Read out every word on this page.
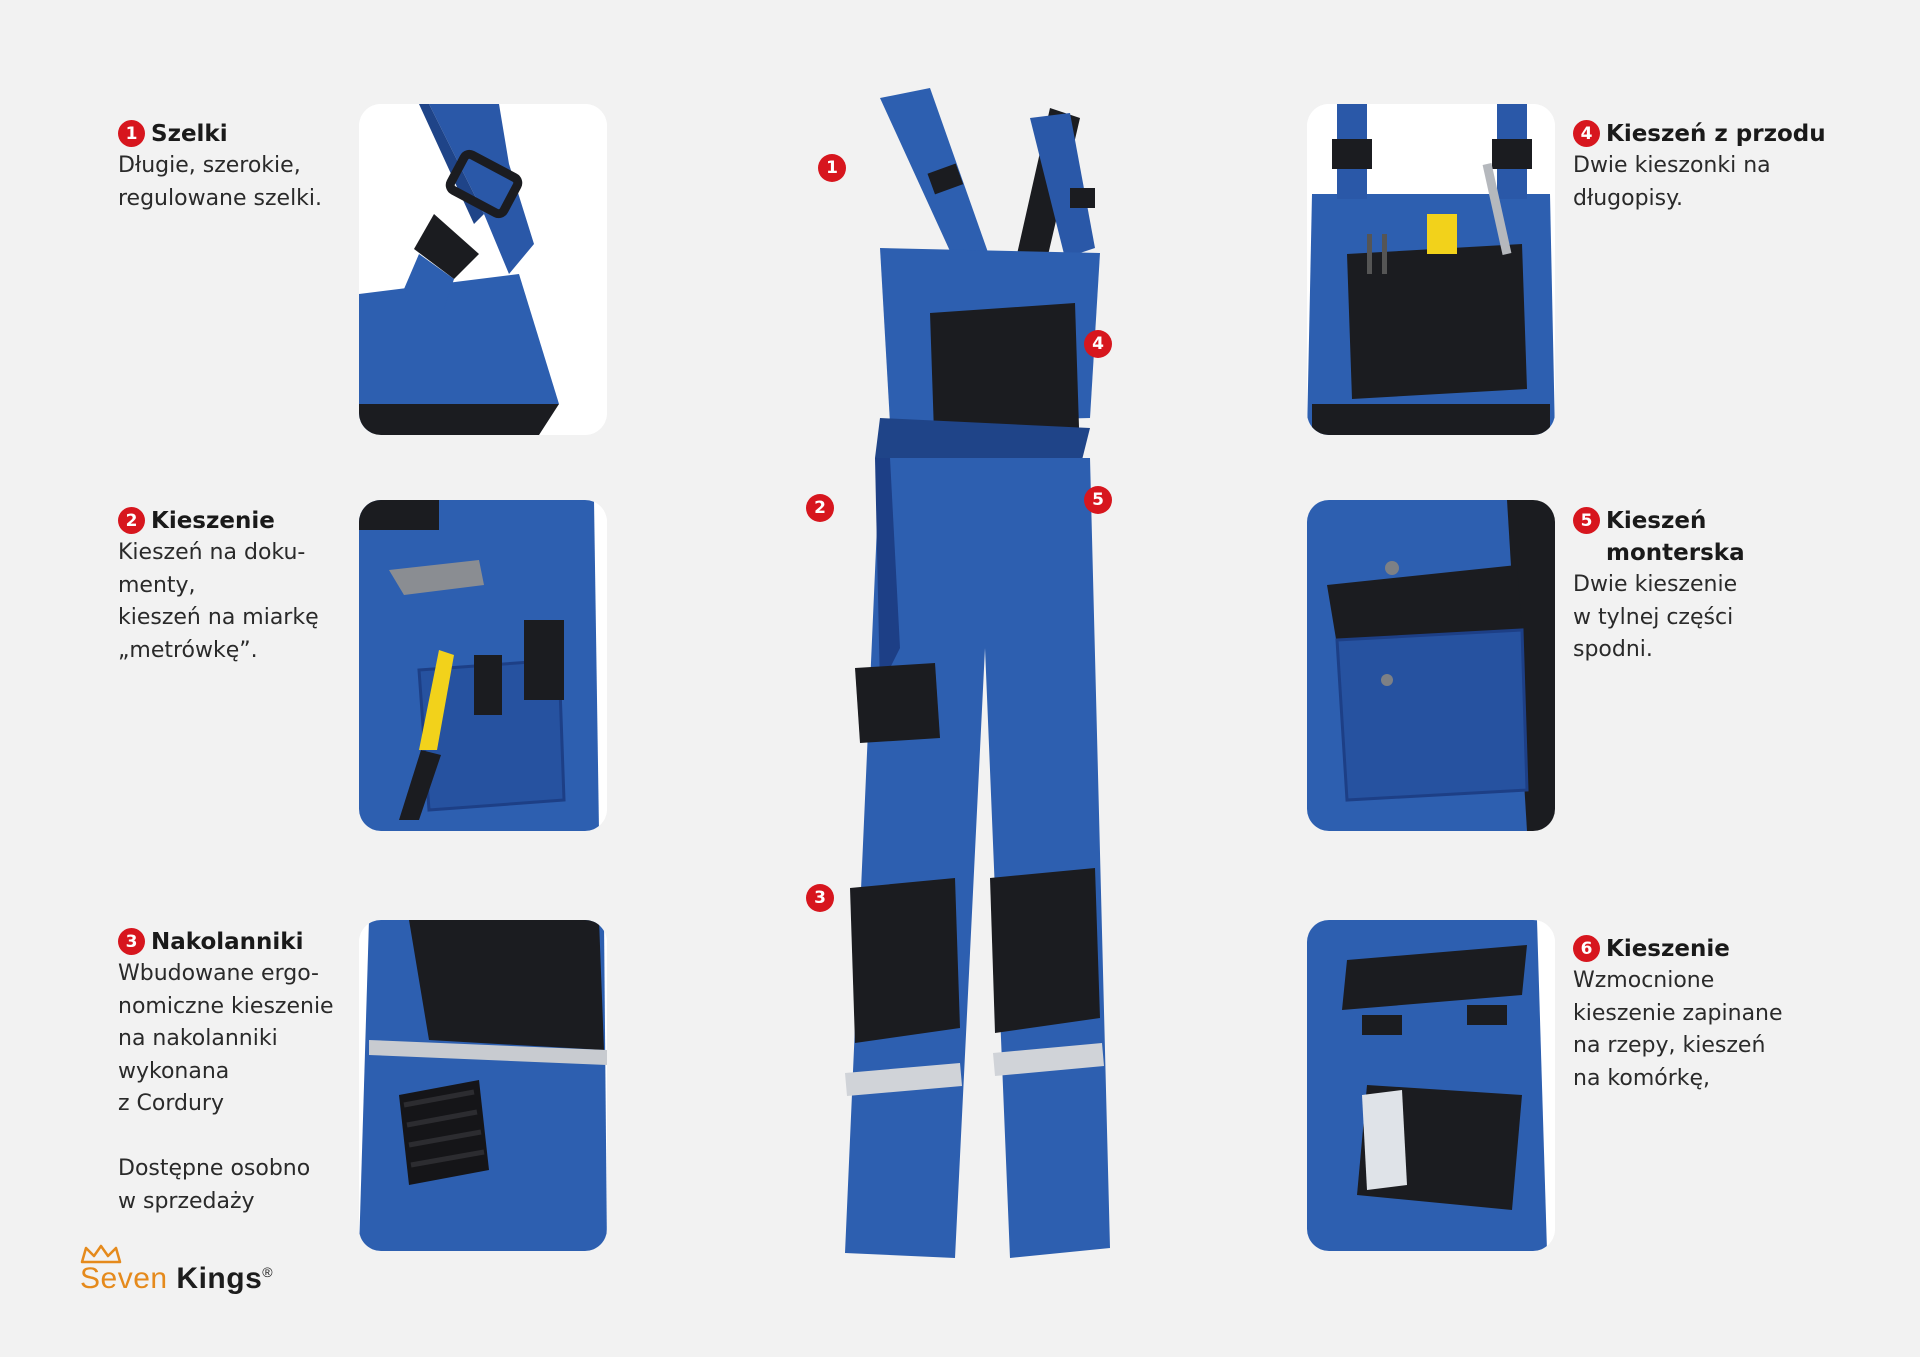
1 Szelki

Długie, szerokie,
regulowane szelki.

2 Kieszenie

Kieszeń na doku-
menty,
kieszeń na miarkę
„metrówkę”.

3 Nakolanniki

Wbudowane ergo-
nomiczne kieszenie
na nakolanniki
wykonana
z Cordury

Dostępne osobno
w sprzedaży

4 Kieszeń z przodu

Dwie kieszonki na
długopisy.

5 Kieszeń
monterska

Dwie kieszenie
w tylnej części
spodni.

6 Kieszenie

Wzmocnione
kieszenie zapinane
na rzepy, kieszeń
na komórkę,

1
2
3
4
5
Seven Kings®
